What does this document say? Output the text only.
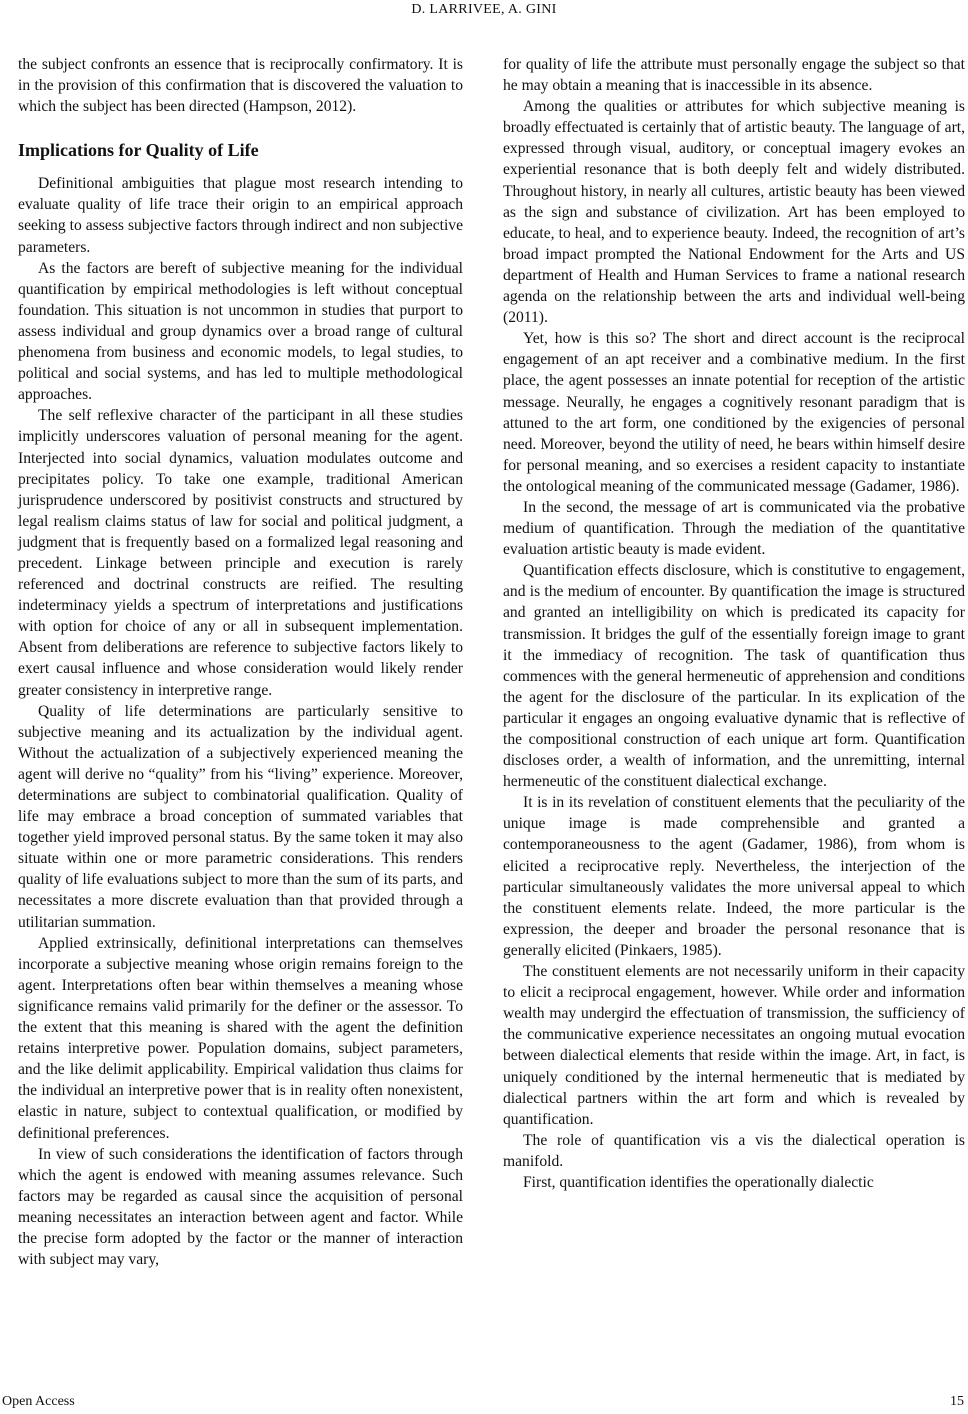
D. LARRIVEE, A. GINI

the subject confronts an essence that is reciprocally confirmatory. It is in the provision of this confirmation that is discovered the valuation to which the subject has been directed (Hampson, 2012).

Implications for Quality of Life

Definitional ambiguities that plague most research intending to evaluate quality of life trace their origin to an empirical approach seeking to assess subjective factors through indirect and non subjective parameters.

As the factors are bereft of subjective meaning for the individual quantification by empirical methodologies is left without conceptual foundation. This situation is not uncommon in studies that purport to assess individual and group dynamics over a broad range of cultural phenomena from business and economic models, to legal studies, to political and social systems, and has led to multiple methodological approaches.

The self reflexive character of the participant in all these studies implicitly underscores valuation of personal meaning for the agent. Interjected into social dynamics, valuation modulates outcome and precipitates policy. To take one example, traditional American jurisprudence underscored by positivist constructs and structured by legal realism claims status of law for social and political judgment, a judgment that is frequently based on a formalized legal reasoning and precedent. Linkage between principle and execution is rarely referenced and doctrinal constructs are reified. The resulting indeterminacy yields a spectrum of interpretations and justifications with option for choice of any or all in subsequent implementation. Absent from deliberations are reference to subjective factors likely to exert causal influence and whose consideration would likely render greater consistency in interpretive range.

Quality of life determinations are particularly sensitive to subjective meaning and its actualization by the individual agent. Without the actualization of a subjectively experienced meaning the agent will derive no “quality” from his “living” experience. Moreover, determinations are subject to combinatorial qualification. Quality of life may embrace a broad conception of summated variables that together yield improved personal status. By the same token it may also situate within one or more parametric considerations. This renders quality of life evaluations subject to more than the sum of its parts, and necessitates a more discrete evaluation than that provided through a utilitarian summation.

Applied extrinsically, definitional interpretations can themselves incorporate a subjective meaning whose origin remains foreign to the agent. Interpretations often bear within themselves a meaning whose significance remains valid primarily for the definer or the assessor. To the extent that this meaning is shared with the agent the definition retains interpretive power. Population domains, subject parameters, and the like delimit applicability. Empirical validation thus claims for the individual an interpretive power that is in reality often nonexistent, elastic in nature, subject to contextual qualification, or modified by definitional preferences.

In view of such considerations the identification of factors through which the agent is endowed with meaning assumes relevance. Such factors may be regarded as causal since the acquisition of personal meaning necessitates an interaction between agent and factor. While the precise form adopted by the factor or the manner of interaction with subject may vary,

for quality of life the attribute must personally engage the subject so that he may obtain a meaning that is inaccessible in its absence.

Among the qualities or attributes for which subjective meaning is broadly effectuated is certainly that of artistic beauty. The language of art, expressed through visual, auditory, or conceptual imagery evokes an experiential resonance that is both deeply felt and widely distributed. Throughout history, in nearly all cultures, artistic beauty has been viewed as the sign and substance of civilization. Art has been employed to educate, to heal, and to experience beauty. Indeed, the recognition of art’s broad impact prompted the National Endowment for the Arts and US department of Health and Human Services to frame a national research agenda on the relationship between the arts and individual well-being (2011).

Yet, how is this so? The short and direct account is the reciprocal engagement of an apt receiver and a combinative medium. In the first place, the agent possesses an innate potential for reception of the artistic message. Neurally, he engages a cognitively resonant paradigm that is attuned to the art form, one conditioned by the exigencies of personal need. Moreover, beyond the utility of need, he bears within himself desire for personal meaning, and so exercises a resident capacity to instantiate the ontological meaning of the communicated message (Gadamer, 1986).

In the second, the message of art is communicated via the probative medium of quantification. Through the mediation of the quantitative evaluation artistic beauty is made evident.

Quantification effects disclosure, which is constitutive to engagement, and is the medium of encounter. By quantification the image is structured and granted an intelligibility on which is predicated its capacity for transmission. It bridges the gulf of the essentially foreign image to grant it the immediacy of recognition. The task of quantification thus commences with the general hermeneutic of apprehension and conditions the agent for the disclosure of the particular. In its explication of the particular it engages an ongoing evaluative dynamic that is reflective of the compositional construction of each unique art form. Quantification discloses order, a wealth of information, and the unremitting, internal hermeneutic of the constituent dialectical exchange.

It is in its revelation of constituent elements that the peculiarity of the unique image is made comprehensible and granted a contemporaneousness to the agent (Gadamer, 1986), from whom is elicited a reciprocative reply. Nevertheless, the interjection of the particular simultaneously validates the more universal appeal to which the constituent elements relate. Indeed, the more particular is the expression, the deeper and broader the personal resonance that is generally elicited (Pinkaers, 1985).

The constituent elements are not necessarily uniform in their capacity to elicit a reciprocal engagement, however. While order and information wealth may undergird the effectuation of transmission, the sufficiency of the communicative experience necessitates an ongoing mutual evocation between dialectical elements that reside within the image. Art, in fact, is uniquely conditioned by the internal hermeneutic that is mediated by dialectical partners within the art form and which is revealed by quantification.

The role of quantification vis a vis the dialectical operation is manifold.

First, quantification identifies the operationally dialectic

Open Access	15
